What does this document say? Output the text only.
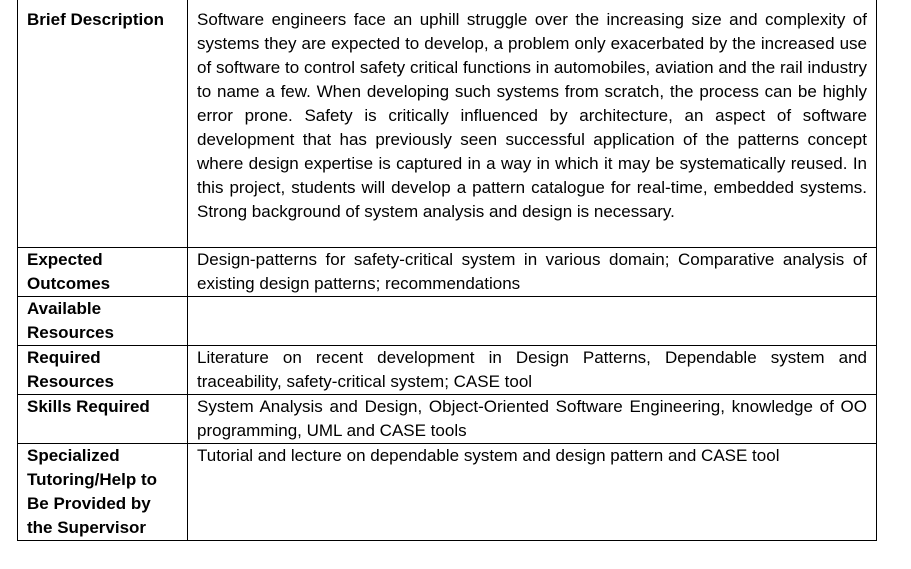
Brief Description	Software engineers face an uphill struggle over the increasing size and complexity of systems they are expected to develop, a problem only exacerbated by the increased use of software to control safety critical functions in automobiles, aviation and the rail industry to name a few. When developing such systems from scratch, the process can be highly error prone. Safety is critically influenced by architecture, an aspect of software development that has previously seen successful application of the patterns concept where design expertise is captured in a way in which it may be systematically reused. In this project, students will develop a pattern catalogue for real-time, embedded systems. Strong background of system analysis and design is necessary.
Expected Outcomes	Design-patterns for safety-critical system in various domain; Comparative analysis of existing design patterns; recommendations
Available Resources	
Required Resources	Literature on recent development in Design Patterns, Dependable system and traceability, safety-critical system; CASE tool
Skills Required	System Analysis and Design, Object-Oriented Software Engineering, knowledge of OO programming, UML and CASE tools
Specialized Tutoring/Help to Be Provided by the Supervisor	Tutorial and lecture on dependable system and design pattern and CASE tool
